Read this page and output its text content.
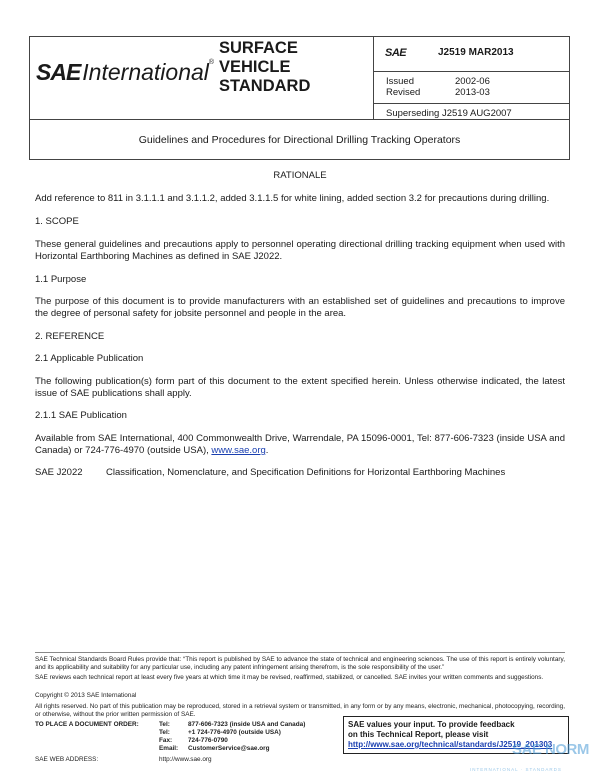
SAEInternational®
SURFACE
VEHICLE
STANDARD
SAE	J2519 MAR2013
Issued	2002-06
Revised	2013-03
Superseding J2519 AUG2007
Guidelines and Procedures for Directional Drilling Tracking Operators
RATIONALE
Add reference to 811 in 3.1.1.1 and 3.1.1.2, added 3.1.1.5 for white lining, added section 3.2 for precautions during drilling.
1. SCOPE
These general guidelines and precautions apply to personnel operating directional drilling tracking equipment when used with Horizontal Earthboring Machines as defined in SAE J2022.
1.1 Purpose
The purpose of this document is to provide manufacturers with an established set of guidelines and precautions to improve the degree of personal safety for jobsite personnel and people in the area.
2. REFERENCE
2.1 Applicable Publication
The following publication(s) form part of this document to the extent specified herein. Unless otherwise indicated, the latest issue of SAE publications shall apply.
2.1.1 SAE Publication
Available from SAE International, 400 Commonwealth Drive, Warrendale, PA 15096-0001, Tel: 877-606-7323 (inside USA and Canada) or 724-776-4970 (outside USA), www.sae.org.
SAE J2022 Classification, Nomenclature, and Specification Definitions for Horizontal Earthboring Machines
SAE Technical Standards Board Rules provide that: “This report is published by SAE to advance the state of technical and engineering sciences. The use of this report is entirely voluntary, and its applicability and suitability for any particular use, including any patent infringement arising therefrom, is the sole responsibility of the user.”
SAE reviews each technical report at least every five years at which time it may be revised, reaffirmed, stabilized, or cancelled. SAE invites your written comments and suggestions.
Copyright © 2013 SAE International
All rights reserved. No part of this publication may be reproduced, stored in a retrieval system or transmitted, in any form or by any means, electronic, mechanical, photocopying, recording, or otherwise, without the prior written permission of SAE.
TO PLACE A DOCUMENT ORDER:	Tel:	877-606-7323 (inside USA and Canada)
Tel:	+1 724-776-4970 (outside USA)
Fax: 724-776-0790
Email: CustomerService@sae.org
SAE WEB ADDRESS:	http://www.sae.org
SAE values your input. To provide feedback
on this Technical Report, please visit
http://www.sae.org/technical/standards/J2519_201303
SAE NORM
INTERNATIONAL · STANDARDS
